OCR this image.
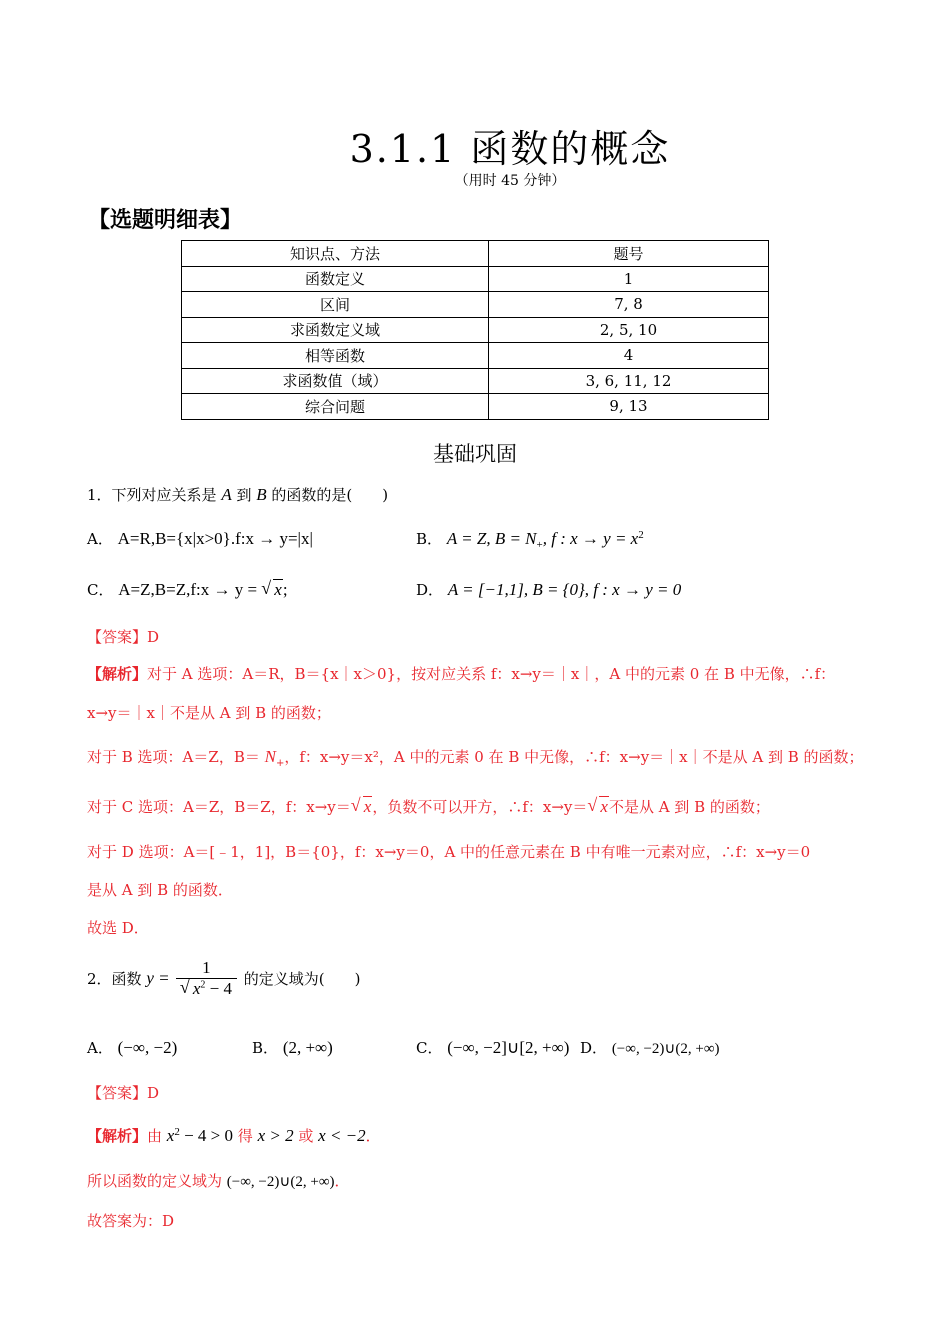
3.1.1 函数的概念
（用时 45 分钟）
【选题明细表】
知识点、方法	题号
函数定义	1
区间	7, 8
求函数定义域	2, 5, 10
相等函数	4
求函数值（域）	3, 6, 11, 12
综合问题	9, 13
基础巩固
1．下列对应关系是 A 到 B 的函数的是(　　)
A． A=R,B={x|x>0}.f:x → y=|x|	B． A = Z, $B = N_+$, f : $x \to y = x^2$
C． A=Z,B=Z,f:x → y = √ x;	D． A = [−1,1], B = {0}, f : x → y = 0
【答案】D
【解析】对于 A 选项：A＝R，B＝{x｜x＞0}，按对应关系 f：x→y＝｜x｜，A 中的元素 0 在 B 中无像，∴f：
x→y＝｜x｜不是从 A 到 B 的函数；
对于 B 选项：A＝Z，$B= N_+$，f：x→y＝x²，A 中的元素 0 在 B 中无像，∴f：x→y＝｜x｜不是从 A 到 B 的函数；
对于 C 选项：A＝Z，B＝Z，f：x→y＝ √ x，负数不可以开方，∴f：x→y＝ √ x不是从 A 到 B 的函数；
对于 D 选项：A＝[﹣1，1]，B＝{0}，f：x→y＝0，A 中的任意元素在 B 中有唯一元素对应，∴f：x→y＝0
是从 A 到 B 的函数．
故选 D．
2．函数 y = 1
√ $x^2 - 4$ 的定义域为(　　)
A． (−∞, −2)	B． (2, +∞)	C． (−∞, −2]∪[2, +∞) D． (−∞, −2)∪(2, +∞)
【答案】D
【解析】由 $x^2 - 4 > 0$ 得 x > 2 或 x < −2．
所以函数的定义域为 (−∞, −2)∪(2, +∞)．
故答案为：D
